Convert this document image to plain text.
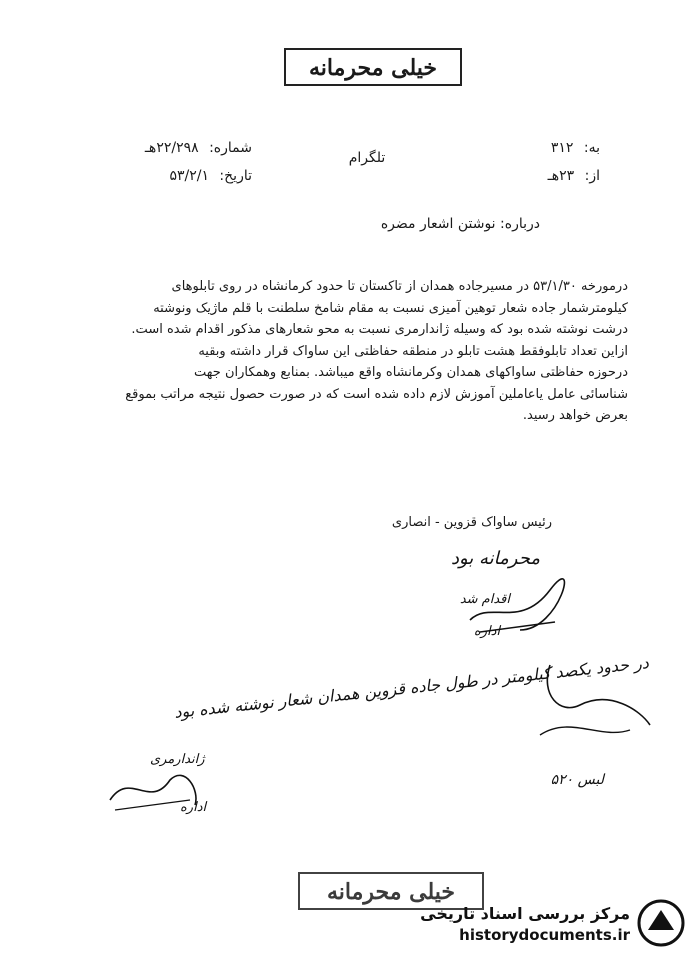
خیلی محرمانه
به: ۳۱۲
از: ۲۳هـ
تلگرام
شماره: ۲۲/۲۹۸هـ
تاریخ: ۵۳/۲/۱
درباره: نوشتن اشعار مضره

درمورخه ۵۳/۱/۳۰ در مسیرجاده همدان از تاکستان تا حدود کرمانشاه در روی تابلوهای

کیلومترشمار جاده شعار توهین آمیزی نسبت به مقام شامخ سلطنت با قلم ماژیک ونوشته

درشت نوشته شده بود که وسیله ژاندارمری نسبت به محو شعارهای مذکور اقدام شده است.

ازاین تعداد تابلوفقط هشت تابلو در منطقه حفاظتی این ساواک قرار داشته وبقیه

درحوزه حفاظتی ساواکهای همدان وکرمانشاه واقع میباشد. بمنابع وهمکاران جهت

شناسائی عامل یاعاملین آموزش لازم داده شده است که در صورت حصول نتیجه مراتب بموقع

بعرض خواهد رسید.

رئیس ساواک قزوین - انصاری
محرمانه بود
اقدام شد
اداره
در حدود یکصد کیلومتر در طول جاده قزوین همدان شعار نوشته شده بود
لبس ۵۲۰
ژاندارمری
اداره
خیلی محرمانه
مرکز بررسی اسناد تاریخی
historydocuments.ir
